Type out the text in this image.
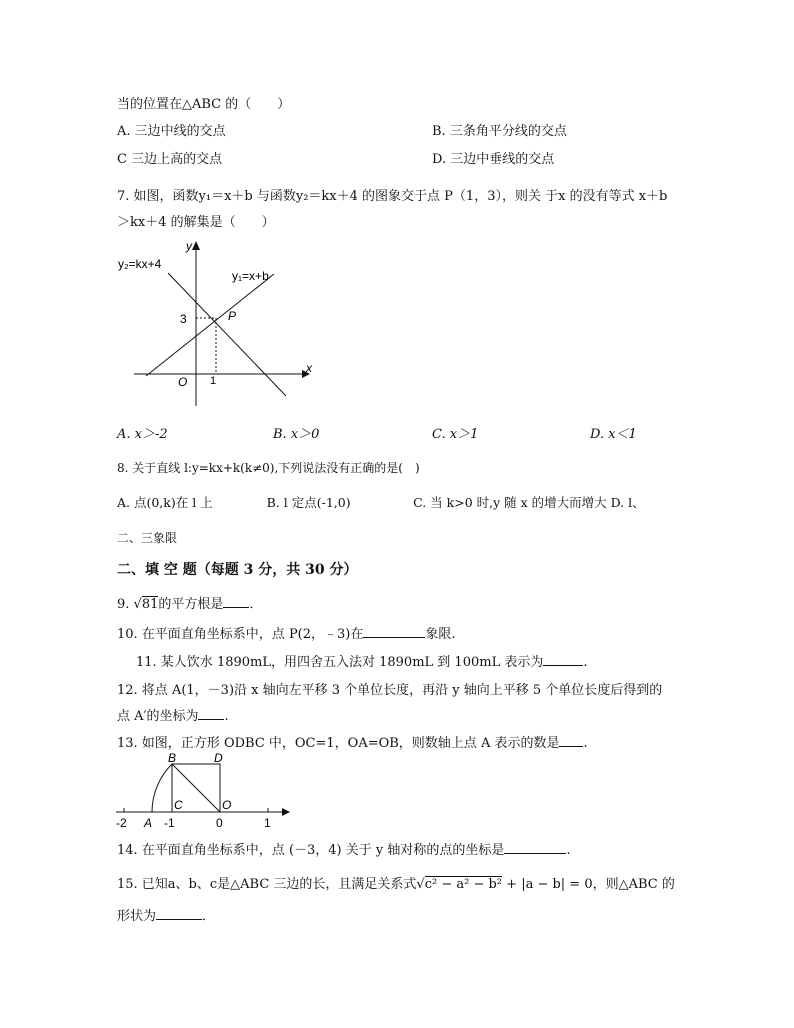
当的位置在△ABC 的（　　）
A. 三边中线的交点	B. 三条角平分线的交点
C 三边上高的交点	D. 三边中垂线的交点
7. 如图，函数y₁＝x＋b 与函数y₂＝kx＋4 的图象交于点 P（1，3），则关 于x 的没有等式 x＋b
＞kx＋4 的解集是（　　）
y₂=kx+4
y₁=x+b
x
y
O 1
3	P
A. x＞-2	B. x＞0	C. x＞1	D. x＜1
8. 关于直线 l:y=kx+k(k≠0),下列说法没有正确的是(　)
A. 点(0,k)在 l 上　　　　 B. l 定点(-1,0)　　　　　C. 当 k>0 时,y 随 x 的增大而增大 D. l、
二、三象限
二、填 空 题（每题 3 分，共 30 分）
9. √81的平方根是 ．
10. 在平面直角坐标系中，点 P(2，﹣3)在	象限.
11. 某人饮水 1890mL，用四舍五入法对 1890mL 到 100mL 表示为	.
12. 将点 A(1，－3)沿 x 轴向左平移 3 个单位长度，再沿 y 轴向上平移 5 个单位长度后得到的
点 A′的坐标为 .
13. 如图，正方形 ODBC 中，OC=1，OA=OB，则数轴上点 A 表示的数是 .
B	D
C	O
A
-2	-1	0	1
14. 在平面直角坐标系中，点 (－3，4) 关于 y 轴对称的点的坐标是	.
15. 已知a、b、c是△ABC 三边的长，且满足关系式√c² − a² − b² + |a − b| = 0，则△ABC 的
形状为	．
